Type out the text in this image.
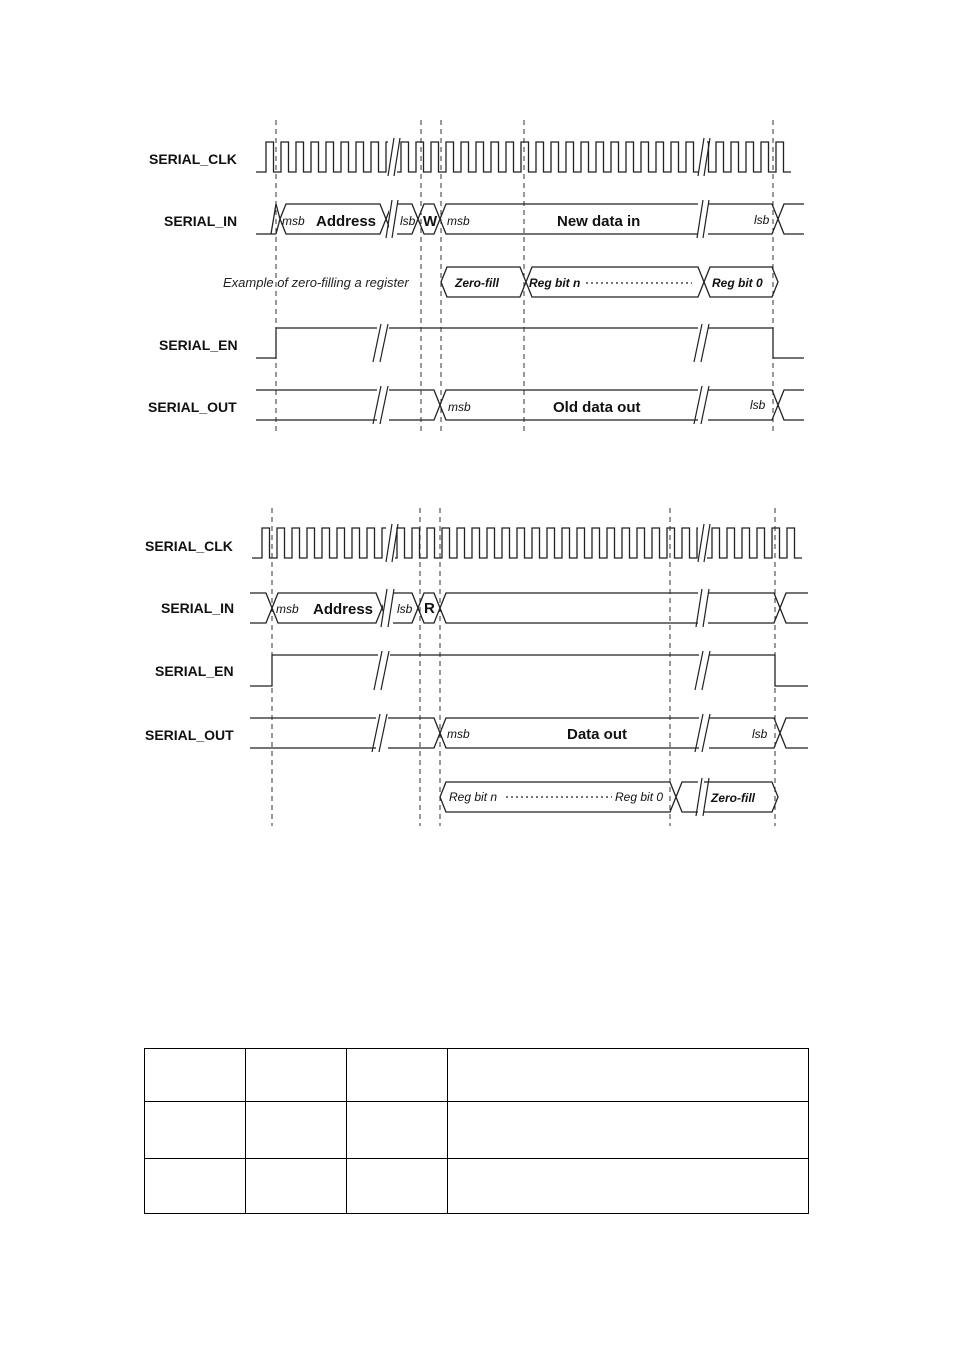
SERIAL_CLK
SERIAL_IN
SERIAL_EN
SERIAL_OUT
msb Address lsb W msb	New data in	lsb
Example of zero-filling a register	Zero-fill	Reg bit n	Reg bit 0
msb	Old data out	lsb
SERIAL_CLK
SERIAL_IN
SERIAL_EN
SERIAL_OUT
msb Address lsb R
msb	Data out	lsb
Reg bit n	Reg bit 0	Zero-fill
